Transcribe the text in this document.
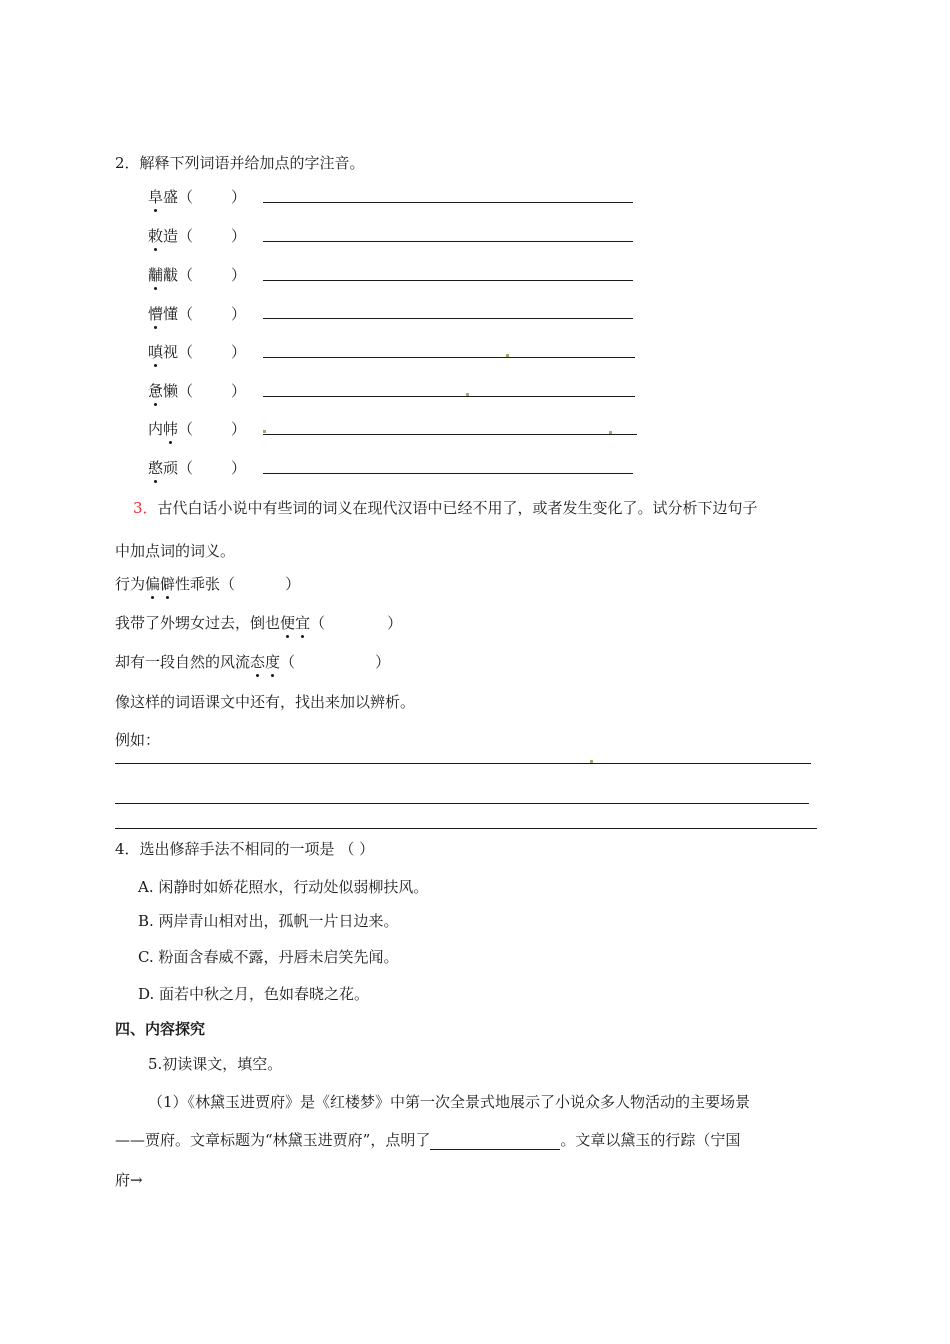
2．解释下列词语并给加点的字注音。
阜盛（	）
敕造（	）
黼黻（	）
懵懂（	）
嗔视（	）
惫懒（	）
内帏（	）
憨顽（	）
3．古代白话小说中有些词的词义在现代汉语中已经不用了，或者发生变化了。试分析下边句子
中加点词的词义。
行为偏僻性乖张（	）
我带了外甥女过去，倒也便宜（	）
却有一段自然的风流态度（	）
像这样的词语课文中还有，找出来加以辨析。
例如：
4．选出修辞手法不相同的一项是 （ ）
A. 闲静时如娇花照水，行动处似弱柳扶风。
B. 两岸青山相对出，孤帆一片日边来。
C. 粉面含春威不露，丹唇未启笑先闻。
D. 面若中秋之月，色如春晓之花。
四、内容探究
5.初读课文，填空。
（1）《林黛玉进贾府》是《红楼梦》中第一次全景式地展示了小说众多人物活动的主要场景
——贾府。文章标题为“林黛玉进贾府”，点明了	。文章以黛玉的行踪（宁国
府→
